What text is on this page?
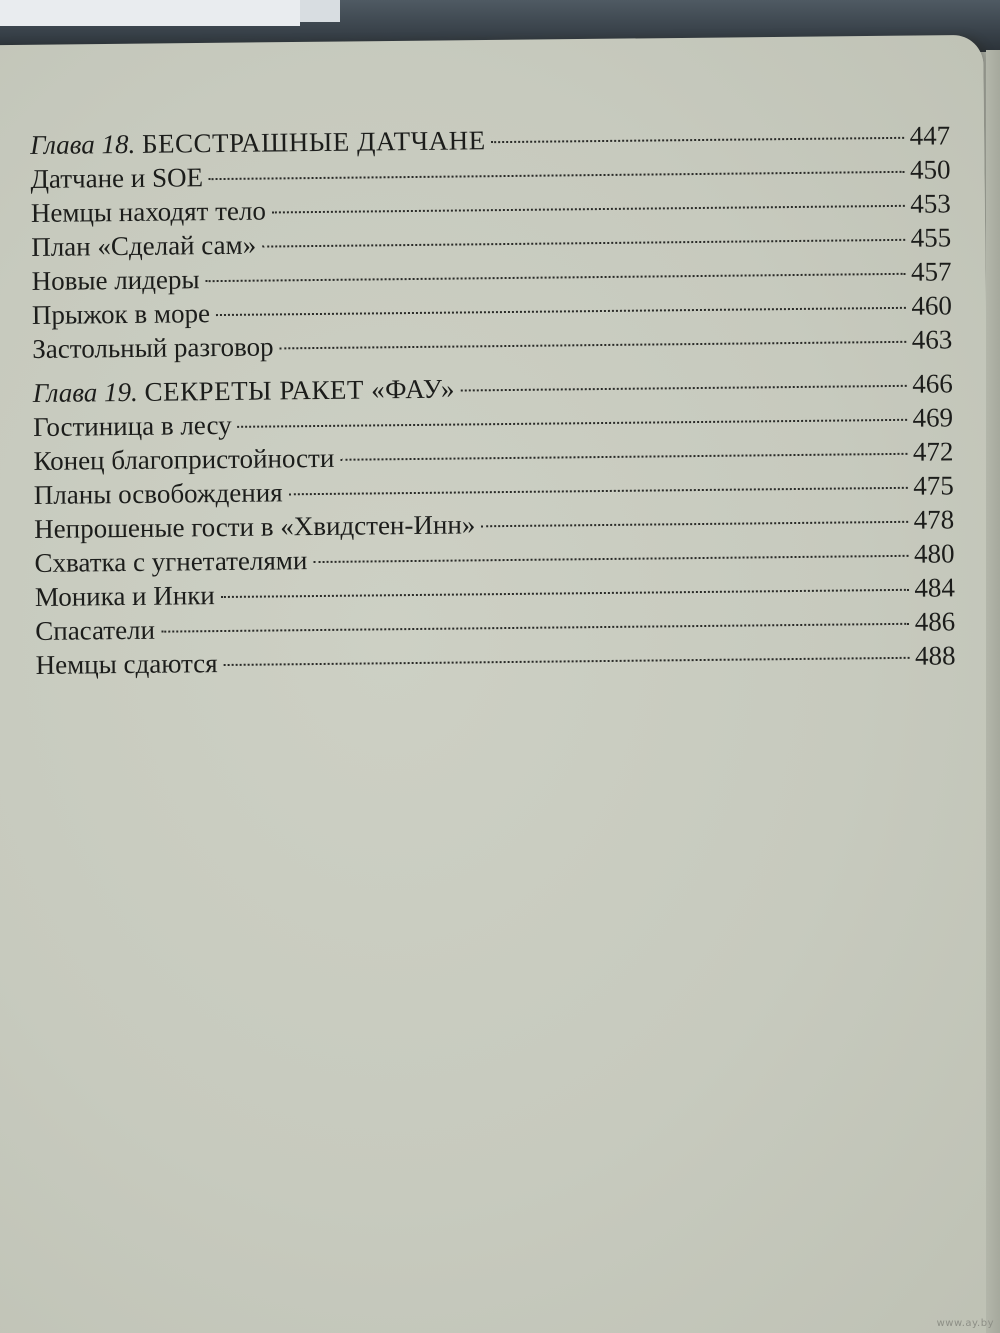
Глава 18. БЕССТРАШНЫЕ ДАТЧАНЕ	447
Датчане и SOE	450
Немцы находят тело	453
План «Сделай сам»	455
Новые лидеры	457
Прыжок в море	460
Застольный разговор	463
Глава 19. СЕКРЕТЫ РАКЕТ «ФАУ»	466
Гостиница в лесу	469
Конец благопристойности	472
Планы освобождения	475
Непрошеные гости в «Хвидстен-Инн»	478
Схватка с угнетателями	480
Моника и Инки	484
Спасатели	486
Немцы сдаются	488
www.ay.by
